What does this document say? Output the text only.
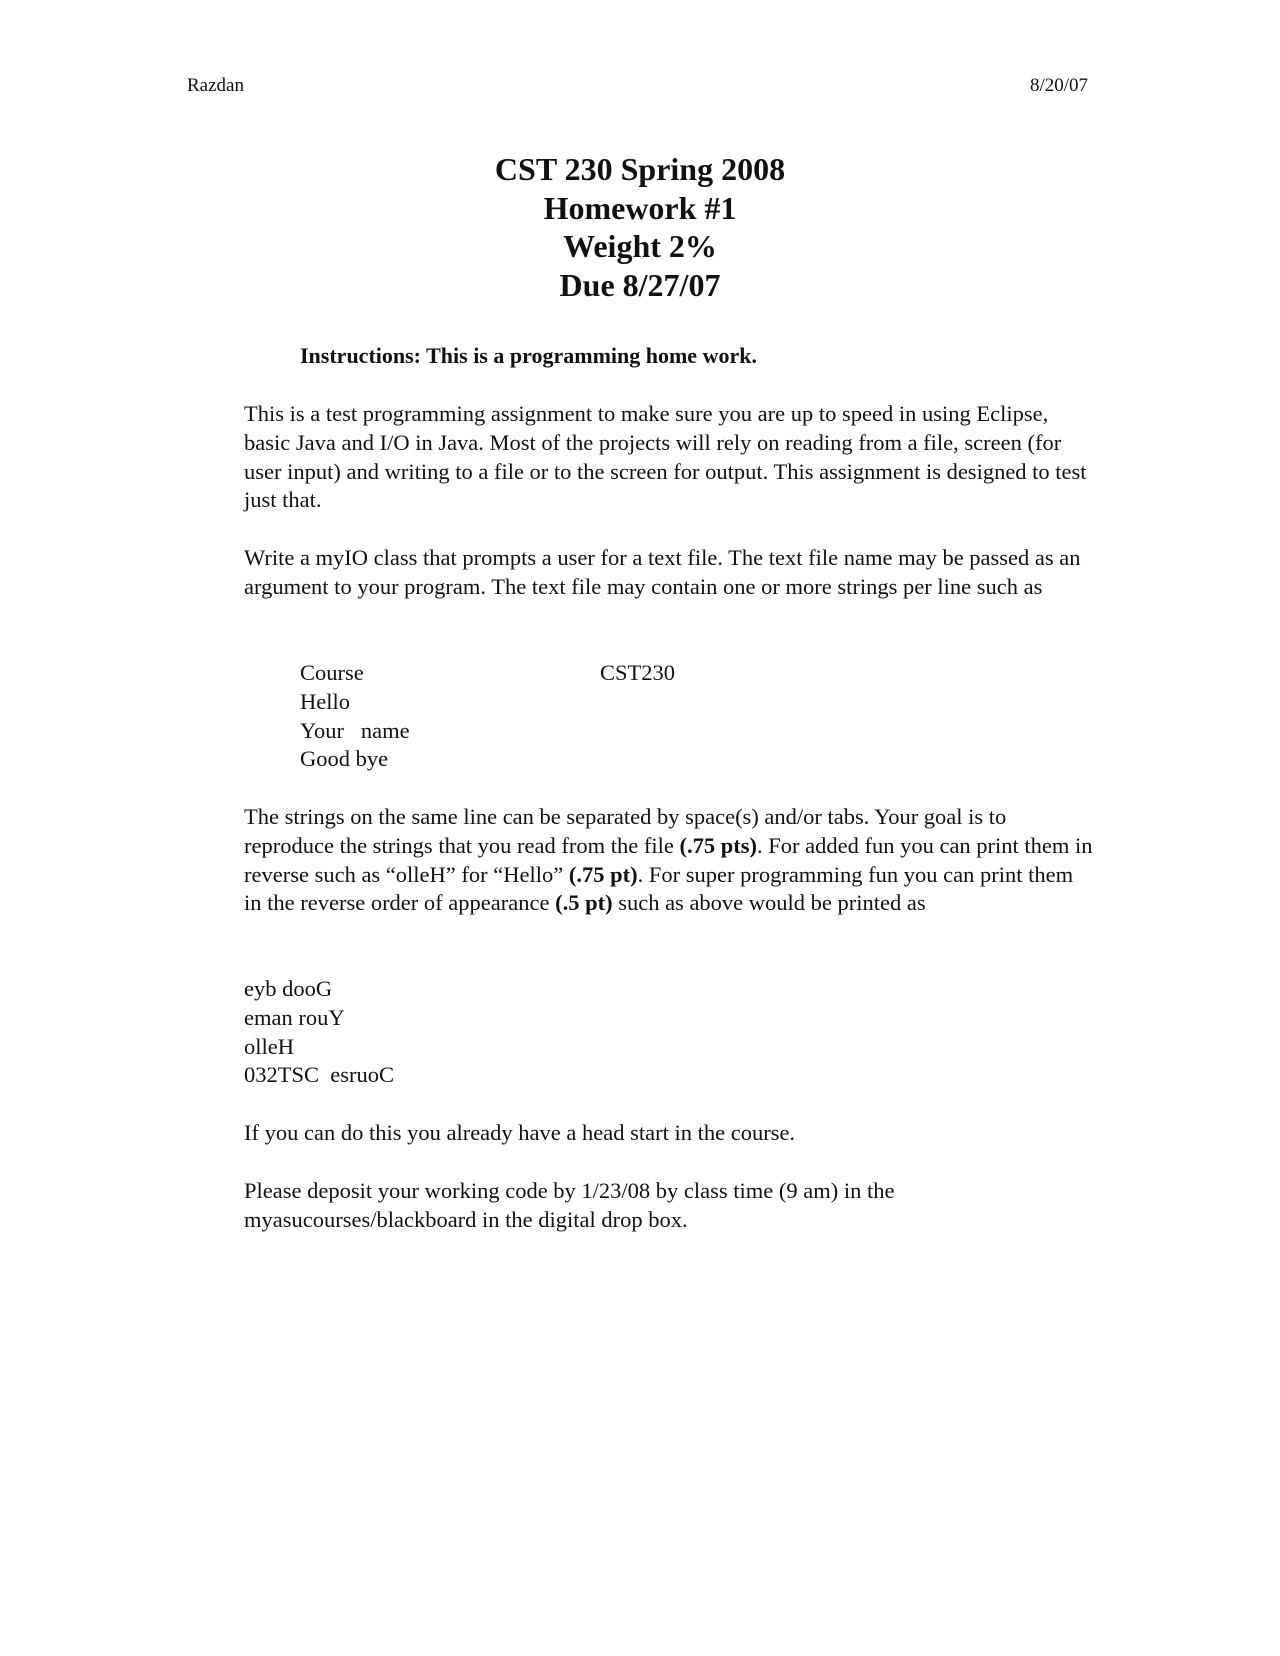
Razdan	8/20/07
CST 230 Spring 2008
Homework #1
Weight 2%
Due 8/27/07
Instructions: This is a programming home work.
This is a test programming assignment to make sure you are up to speed in using Eclipse, basic Java and I/O in Java. Most of the projects will rely on reading from a file, screen (for user input) and writing to a file or to the screen for output. This assignment is designed to test just that.
Write a myIO class that prompts a user for a text file. The text file name may be passed as an argument to your program. The text file may contain one or more strings per line such as
Course	CST230
Hello
Your   name
Good bye
The strings on the same line can be separated by space(s) and/or tabs. Your goal is to reproduce the strings that you read from the file (.75 pts). For added fun you can print them in reverse such as “olleH” for “Hello” (.75 pt). For super programming fun you can print them in the reverse order of appearance (.5 pt) such as above would be printed as
eyb dooG
eman rouY
olleH
032TSC  esruoC
If you can do this you already have a head start in the course.
Please deposit your working code by 1/23/08 by class time (9 am) in the myasucourses/blackboard in the digital drop box.
